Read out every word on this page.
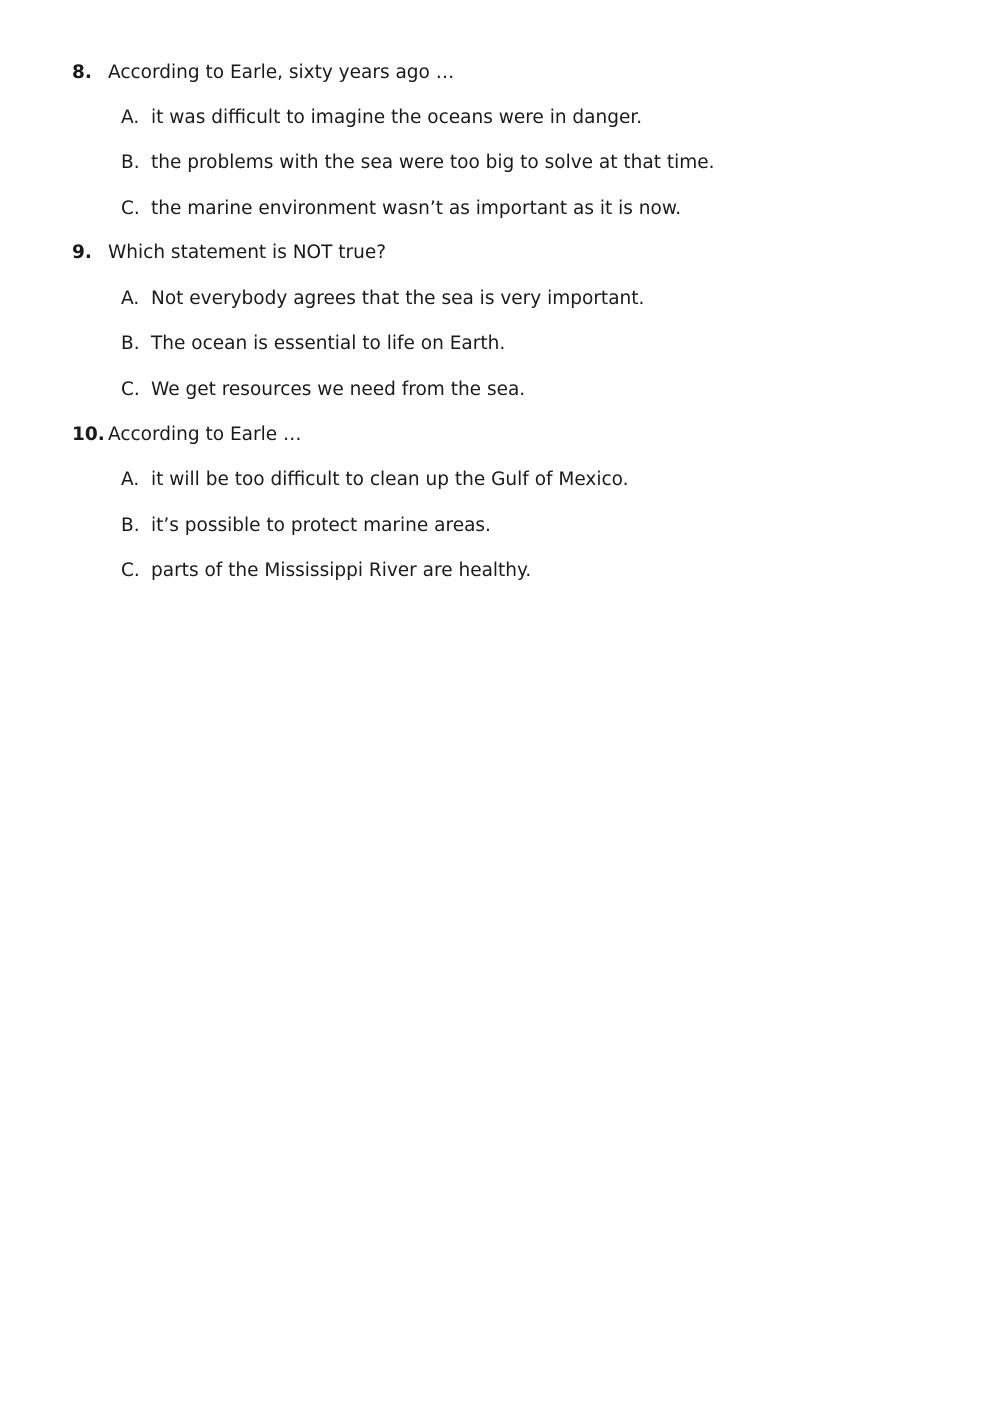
8. According to Earle, sixty years ago …
A. it was difficult to imagine the oceans were in danger.
B. the problems with the sea were too big to solve at that time.
C. the marine environment wasn’t as important as it is now.
9. Which statement is NOT true?
A. Not everybody agrees that the sea is very important.
B. The ocean is essential to life on Earth.
C. We get resources we need from the sea.
10. According to Earle …
A. it will be too difficult to clean up the Gulf of Mexico.
B. it’s possible to protect marine areas.
C. parts of the Mississippi River are healthy.
